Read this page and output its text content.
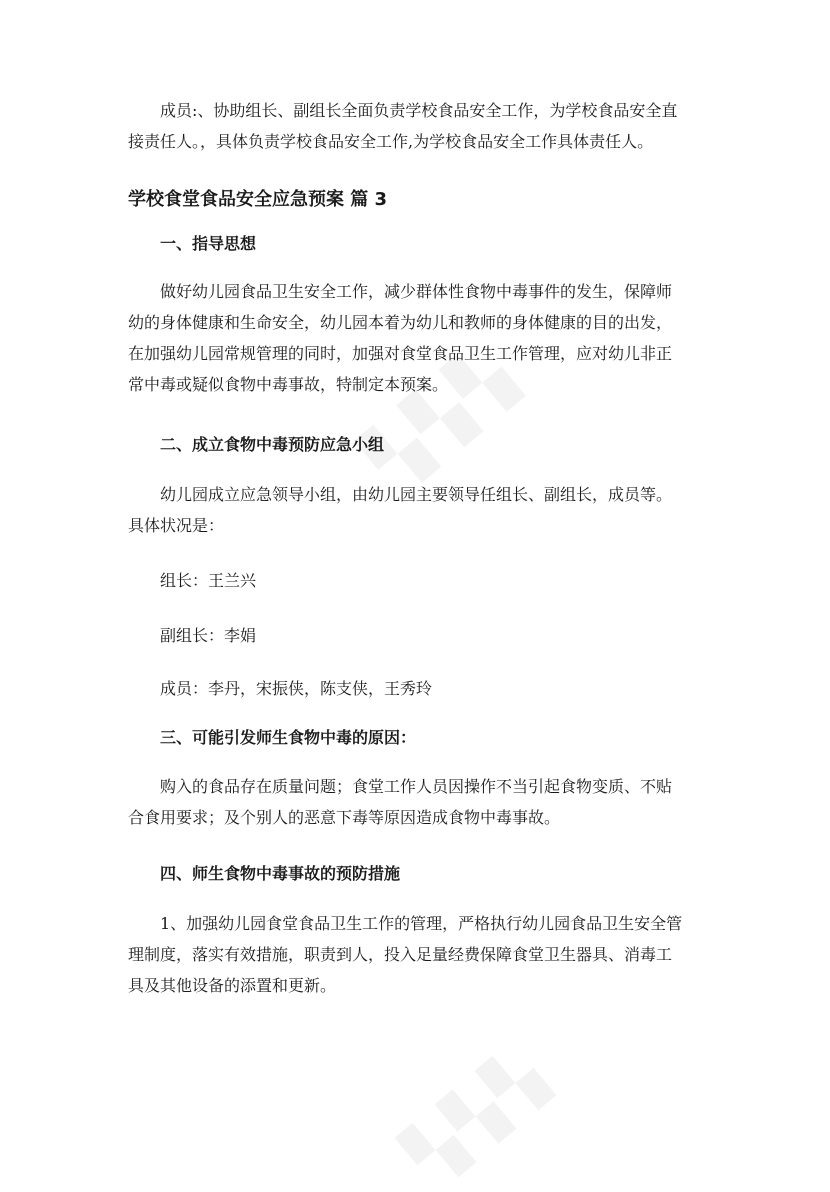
成员:、协助组长、副组长全面负责学校食品安全工作，为学校食品安全直
接责任人。，具体负责学校食品安全工作,为学校食品安全工作具体责任人。
学校食堂食品安全应急预案 篇 3
一、指导思想
做好幼儿园食品卫生安全工作，减少群体性食物中毒事件的发生，保障师
幼的身体健康和生命安全，幼儿园本着为幼儿和教师的身体健康的目的出发，
在加强幼儿园常规管理的同时，加强对食堂食品卫生工作管理，应对幼儿非正
常中毒或疑似食物中毒事故，特制定本预案。
二、成立食物中毒预防应急小组
幼儿园成立应急领导小组，由幼儿园主要领导任组长、副组长，成员等。
具体状况是：
组长：王兰兴
副组长：李娟
成员：李丹，宋振侠，陈支侠，王秀玲
三、可能引发师生食物中毒的原因：
购入的食品存在质量问题；食堂工作人员因操作不当引起食物变质、不贴
合食用要求；及个别人的恶意下毒等原因造成食物中毒事故。
四、师生食物中毒事故的预防措施
1、加强幼儿园食堂食品卫生工作的管理，严格执行幼儿园食品卫生安全管
理制度，落实有效措施，职责到人，投入足量经费保障食堂卫生器具、消毒工
具及其他设备的添置和更新。
